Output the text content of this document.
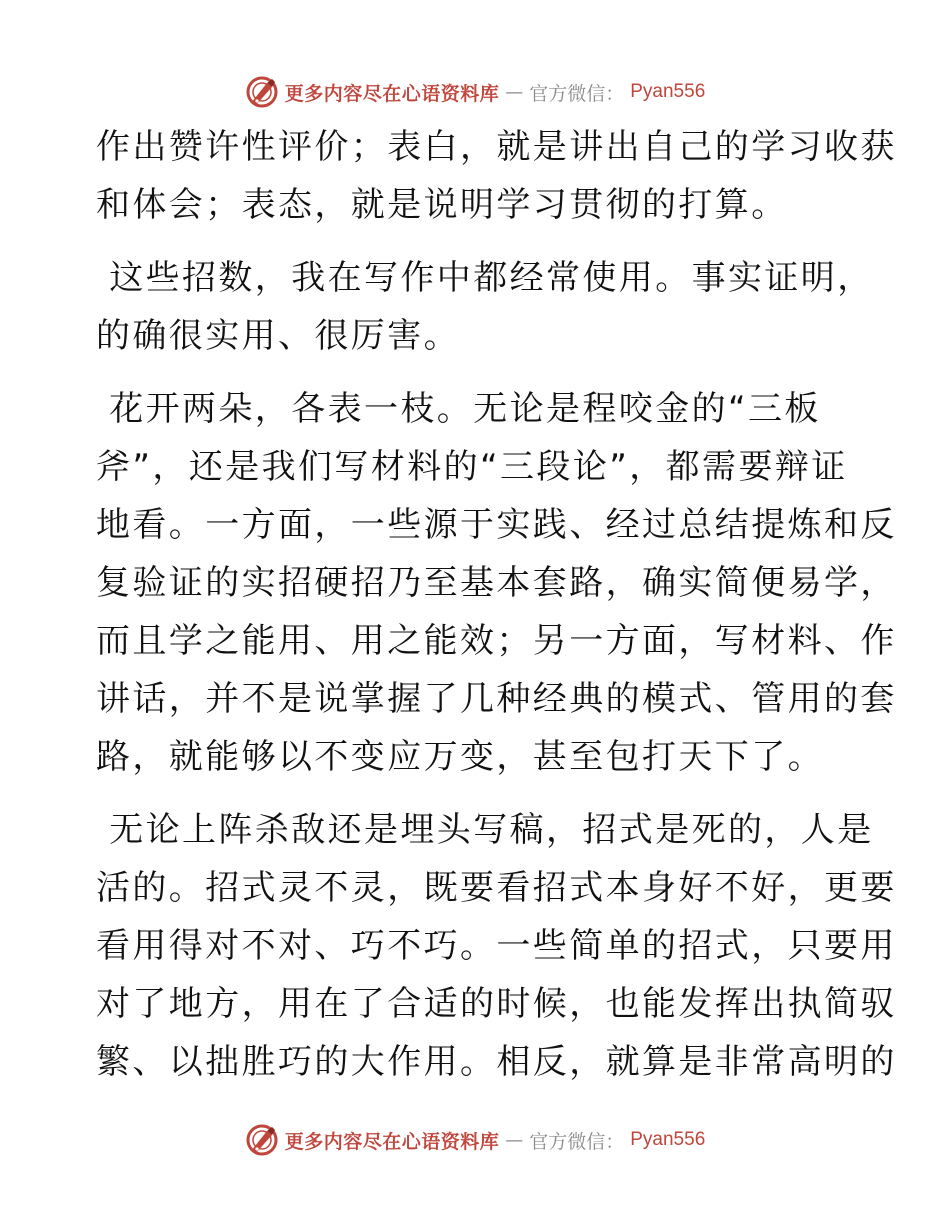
更多内容尽在心语资料库 — 官方微信： Pyan556
作出赞许性评价；表白，就是讲出自己的学习收获
和体会；表态，就是说明学习贯彻的打算。
这些招数，我在写作中都经常使用。事实证明，
的确很实用、很厉害。
花开两朵，各表一枝。无论是程咬金的“三板
斧”，还是我们写材料的“三段论”，都需要辩证
地看。一方面，一些源于实践、经过总结提炼和反
复验证的实招硬招乃至基本套路，确实简便易学，
而且学之能用、用之能效；另一方面，写材料、作
讲话，并不是说掌握了几种经典的模式、管用的套
路，就能够以不变应万变，甚至包打天下了。
无论上阵杀敌还是埋头写稿，招式是死的，人是
活的。招式灵不灵，既要看招式本身好不好，更要
看用得对不对、巧不巧。一些简单的招式，只要用
对了地方，用在了合适的时候，也能发挥出执简驭
繁、以拙胜巧的大作用。相反，就算是非常高明的
更多内容尽在心语资料库 — 官方微信： Pyan556
